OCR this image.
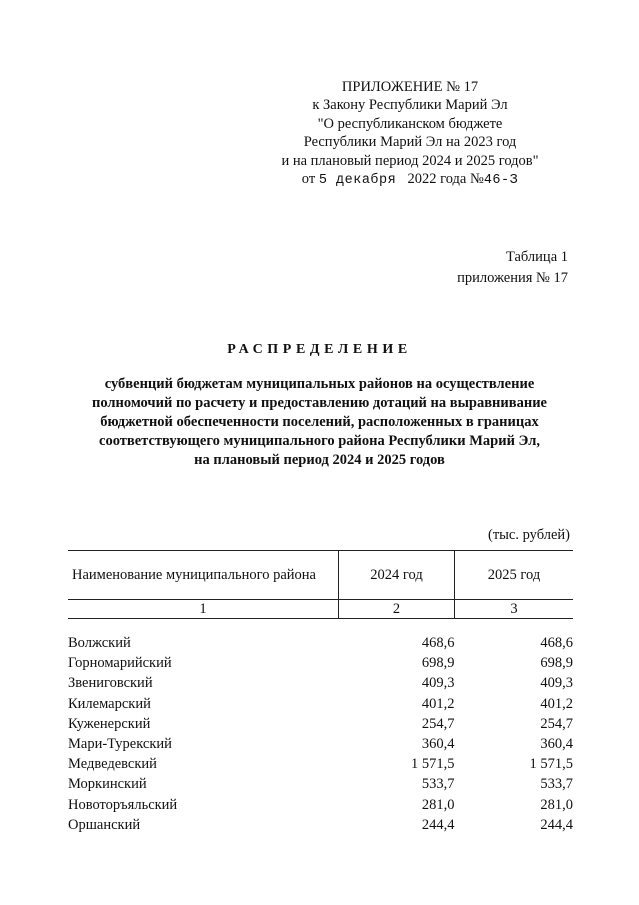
ПРИЛОЖЕНИЕ № 17
к Закону Республики Марий Эл
"О республиканском бюджете
Республики Марий Эл на 2023 год
и на плановый период 2024 и 2025 годов"
от 5 декабря 2022 года №46-З
Таблица 1
приложения № 17
РАСПРЕДЕЛЕНИЕ
субвенций бюджетам муниципальных районов на осуществление
полномочий по расчету и предоставлению дотаций на выравнивание
бюджетной обеспеченности поселений, расположенных в границах
соответствующего муниципального района Республики Марий Эл,
на плановый период 2024 и 2025 годов
(тыс. рублей)
Наименование муниципального района	2024 год	2025 год
1	2	3

Волжский	468,6	468,6
Горномарийский	698,9	698,9
Звениговский	409,3	409,3
Килемарский	401,2	401,2
Куженерский	254,7	254,7
Мари-Турекский	360,4	360,4
Медведевский	1 571,5	1 571,5
Моркинский	533,7	533,7
Новоторъяльский	281,0	281,0
Оршанский	244,4	244,4
